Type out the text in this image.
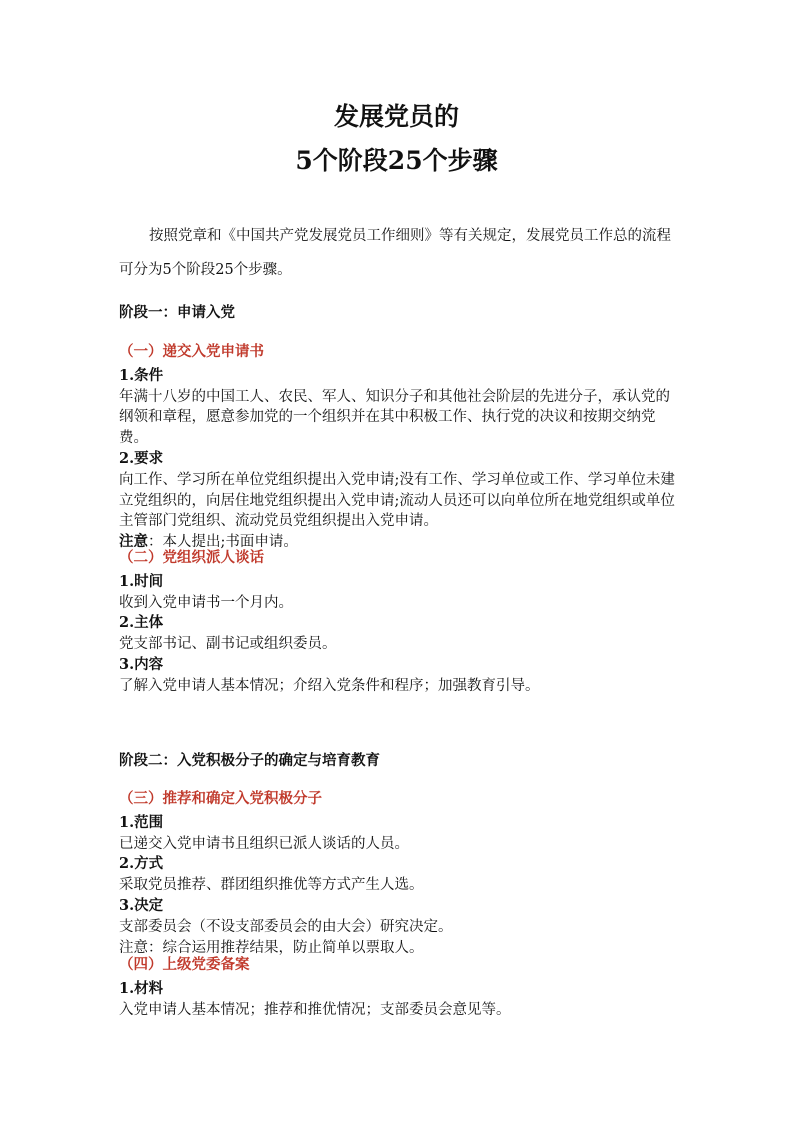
发展党员的
5个阶段25个步骤
按照党章和《中国共产党发展党员工作细则》等有关规定，发展党员工作总的流程可分为5个阶段25个步骤。
阶段一：申请入党
（一）递交入党申请书

1.条件

年满十八岁的中国工人、农民、军人、知识分子和其他社会阶层的先进分子，承认党的纲领和章程，愿意参加党的一个组织并在其中积极工作、执行党的决议和按期交纳党费。

2.要求

向工作、学习所在单位党组织提出入党申请;没有工作、学习单位或工作、学习单位未建立党组织的，向居住地党组织提出入党申请;流动人员还可以向单位所在地党组织或单位主管部门党组织、流动党员党组织提出入党申请。

注意：本人提出;书面申请。

（二）党组织派人谈话

1.时间

收到入党申请书一个月内。

2.主体

党支部书记、副书记或组织委员。

3.内容

了解入党申请人基本情况；介绍入党条件和程序；加强教育引导。

阶段二：入党积极分子的确定与培育教育
（三）推荐和确定入党积极分子

1.范围

已递交入党申请书且组织已派人谈话的人员。

2.方式

采取党员推荐、群团组织推优等方式产生人选。

3.决定

支部委员会（不设支部委员会的由大会）研究决定。

注意：综合运用推荐结果，防止简单以票取人。

（四）上级党委备案

1.材料

入党申请人基本情况；推荐和推优情况；支部委员会意见等。
